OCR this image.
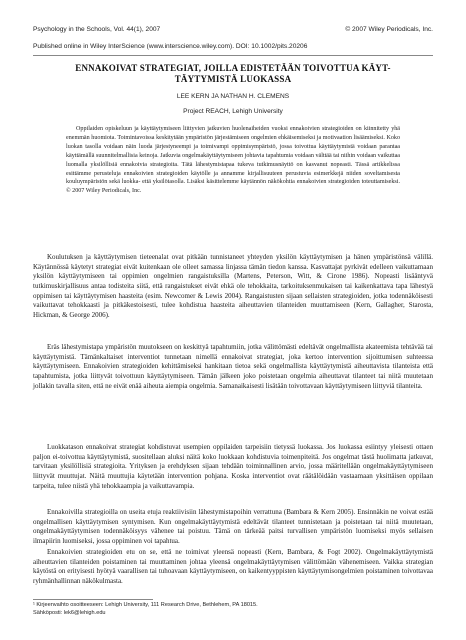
Psychology in the Schools, Vol. 44(1), 2007	© 2007 Wiley Periodicals, Inc.
Published online in Wiley InterScience (www.interscience.wiley.com). DOI: 10.1002/pits.20206
ENNAKOIVAT STRATEGIAT, JOILLA EDISTETÄÄN TOIVOTTUA KÄYT-TÄYTYMISTÄ LUOKASSA
LEE KERN JA NATHAN H. CLEMENS
Project REACH, Lehigh University

Oppilaiden opiskeluun ja käyttäytymiseen liittyvien jatkuvien huolenaiheiden vuoksi ennakoivien strategioiden on kiinnitetty yhä enemmän huomiota. Toimintavoissa keskitytään ympäristön järjestämiseen ongelmien ehkäisemiseksi ja motivaation lisäämiseksi. Koko luokan tasolla voidaan näin luoda järjestyneempi ja toimivampi oppimisympäristö, jossa toivottua käyttäytymistä voidaan parantaa käyttämällä suunnitelmallisia keinoja. Jatkuvia ongelmakäyttäytymiseen johtavia tapahtumia voidaan välttää tai niihin voidaan vaikuttaa luomalla yksilöllisiä ennakoivia strategioita. Tätä lähestymistapaa tukeva tutkimusnäyttö on kasvanut nopeasti. Tässä artikkelissa esittämme perusteluja ennakoivien strategioiden käytölle ja annamme kirjallisuuteen perustuvia esimerkkejä niiden soveltamisesta kouluympäristön sekä luokka- että yksilötasolla. Lisäksi käsittelemme käytännön näkökohtia ennakoivien strategioiden toteuttamiseksi. © 2007 Wiley Periodicals, Inc.

Koulutuksen ja käyttäytymisen tieteenalat ovat pitkään tunnistaneet yhteyden yksilön käyttäytymisen ja hänen ympäristönsä välillä. Käytännössä käytetyt strategiat eivät kuitenkaan ole olleet samassa linjassa tämän tiedon kanssa. Kasvattajat pyrkivät edelleen vaikuttamaan yksilön käyttäytymiseen tai oppimien ongelmien rangaistuksilla (Martens, Peterson, Witt, & Cirone 1986). Nopeasti lisääntyvä tutkimuskirjallisuus antaa todisteita siitä, että rangaistukset eivät ehkä ole tehokkaita, tarkoituksenmukaisen tai kaikenkattava tapa lähestyä oppimisen tai käyttäytymisen haasteita (esim. Newcomer & Lewis 2004). Rangaistusten sijaan sellaisten strategioiden, jotka todennäköisesti vaikuttavat tehokkaasti ja pitkäkestoisesti, tulee kohdistua haasteita aiheuttavien tilanteiden muuttamiseen (Kern, Gallagher, Starosta, Hickman, & George 2006).

Eräs lähestymistapa ympäristön muutokseen on keskittyä tapahtumiin, jotka välittömästi edeltävät ongelmallista akateemista tehtävää tai käyttäytymistä. Tämänkaltaiset interventiot tunnetaan nimellä ennakoivat strategiat, joka kertoo intervention sijoittumisen suhteessa käyttäytymiseen. Ennakoivien strategioiden kehittämiseksi hankitaan tietoa sekä ongelmallista käyttäytymistä aiheuttavista tilanteista että tapahtumista, jotka liittyvät toivottuun käyttäytymiseen. Tämän jälkeen joko poistetaan ongelmia aiheuttavat tilanteet tai niitä muutetaan jollakin tavalla siten, että ne eivät enää aiheuta aiempia ongelmia. Samanaikaisesti lisätään toivottavaan käyttäytymiseen liittyviä tilanteita.

Luokkatason ennakoivat strategiat kohdistuvat usempien oppilaiden tarpeisiin tietyssä luokassa. Jos luokassa esiintyy yleisesti ottaen paljon ei-toivottua käyttäytymistä, suositellaan aluksi näitä koko luokkaan kohdistuvia toimenpiteitä. Jos ongelmat tästä huolimatta jatkuvat, tarvitaan yksilöllisiä strategioita. Yrityksen ja erehdyksen sijaan tehdään toiminnallinen arvio, jossa määritellään ongelmakäyttäytymiseen liittyvät muuttujat. Näitä muuttujia käytetään intervention pohjana. Koska interventiot ovat räätälöidään vastaamaan yksittäisen oppilaan tarpeita, tulee niistä yhä tehokkaampia ja vaikuttavampia.

Ennakoivilla strategioilla on useita etuja reaktiivisiin lähestymistapoihin verrattuna (Bambara & Kern 2005). Ensinnäkin ne voivat estää ongelmallisen käyttäytymisen syntymisen. Kun ongelmakäyttäytymistä edeltävät tilanteet tunnistetaan ja poistetaan tai niitä muutetaan, ongelmakäyttäytymisen todennäköisyys vähenee tai poistuu. Tämä on tärkeää paitsi turvallisen ympäristön luomiseksi myös sellaisen ilmapiirin luomiseksi, jossa oppiminen voi tapahtua.

Ennakoivien strategioiden etu on se, että ne toimivat yleensä nopeasti (Kern, Bambara, & Fogt 2002). Ongelmakäyttäytymistä aiheuttavien tilanteiden poistaminen tai muuttaminen johtaa yleensä ongelmakäyttäytymisen välittömään vähenemiseen. Vaikka strategian käytöstä on erityisesti hyötyä vaarallisen tai tuhoavaan käyttäytymiseen, on kaikentyyppisten käyttäytymisongelmien poistaminen toivottavaa ryhmänhallinnan näkökulmasta.

¹ Kirjeenvaihto osoitteeseen: Lehigh University, 111 Research Drive, Bethlehem, PA 18015.
Sähköposti: lek6@lehigh.edu
